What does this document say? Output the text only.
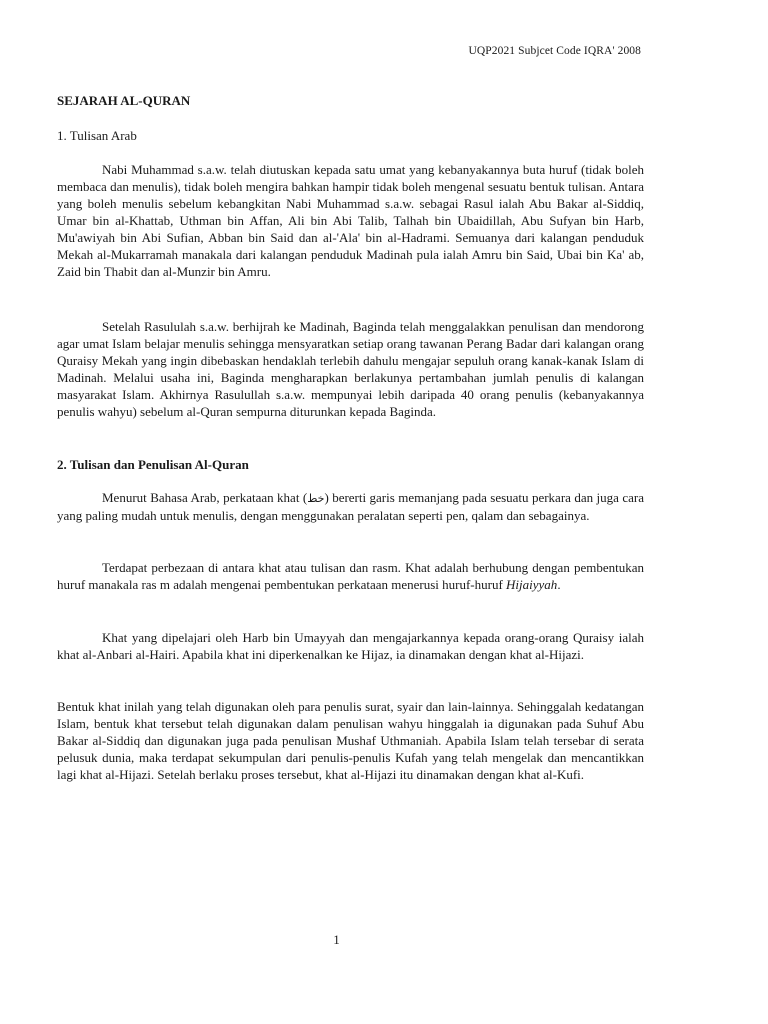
UQP2021 Subjcet Code IQRA' 2008
SEJARAH AL-QURAN

1. Tulisan Arab

Nabi Muhammad s.a.w. telah diutuskan kepada satu umat yang kebanyakannya buta huruf (tidak boleh membaca dan menulis), tidak boleh mengira bahkan hampir tidak boleh mengenal sesuatu bentuk tulisan. Antara yang boleh menulis sebelum kebangkitan Nabi Muhammad s.a.w. sebagai Rasul ialah Abu Bakar al-Siddiq, Umar bin al-Khattab, Uthman bin Affan, Ali bin Abi Talib, Talhah bin Ubaidillah, Abu Sufyan bin Harb, Mu'awiyah bin Abi Sufian, Abban bin Said dan al-'Ala' bin al-Hadrami. Semuanya dari kalangan penduduk Mekah al-Mukarramah manakala dari kalangan penduduk Madinah pula ialah Amru bin Said, Ubai bin Ka' ab, Zaid bin Thabit dan al-Munzir bin Amru.

Setelah Rasululah s.a.w. berhijrah ke Madinah, Baginda telah menggalakkan penulisan dan mendorong agar umat Islam belajar menulis sehingga mensyaratkan setiap orang tawanan Perang Badar dari kalangan orang Quraisy Mekah yang ingin dibebaskan hendaklah terlebih dahulu mengajar sepuluh orang kanak-kanak Islam di Madinah. Melalui usaha ini, Baginda mengharapkan berlakunya pertambahan jumlah penulis di kalangan masyarakat Islam. Akhirnya Rasulullah s.a.w. mempunyai lebih daripada 40 orang penulis (kebanyakannya penulis wahyu) sebelum al-Quran sempurna diturunkan kepada Baginda.

2. Tulisan dan Penulisan Al-Quran

Menurut Bahasa Arab, perkataan khat (خط) bererti garis memanjang pada sesuatu perkara dan juga cara yang paling mudah untuk menulis, dengan menggunakan peralatan seperti pen, qalam dan sebagainya.

Terdapat perbezaan di antara khat atau tulisan dan rasm. Khat adalah berhubung dengan pembentukan huruf manakala ras m adalah mengenai pembentukan perkataan menerusi huruf-huruf Hijaiyyah.

Khat yang dipelajari oleh Harb bin Umayyah dan mengajarkannya kepada orang-orang Quraisy ialah khat al-Anbari al-Hairi. Apabila khat ini diperkenalkan ke Hijaz, ia dinamakan dengan khat al-Hijazi.

Bentuk khat inilah yang telah digunakan oleh para penulis surat, syair dan lain-lainnya. Sehinggalah kedatangan Islam, bentuk khat tersebut telah digunakan dalam penulisan wahyu hinggalah ia digunakan pada Suhuf Abu Bakar al-Siddiq dan digunakan juga pada penulisan Mushaf Uthmaniah. Apabila Islam telah tersebar di serata pelusuk dunia, maka terdapat sekumpulan dari penulis-penulis Kufah yang telah mengelak dan mencantikkan lagi khat al-Hijazi. Setelah berlaku proses tersebut, khat al-Hijazi itu dinamakan dengan khat al-Kufi.

1
